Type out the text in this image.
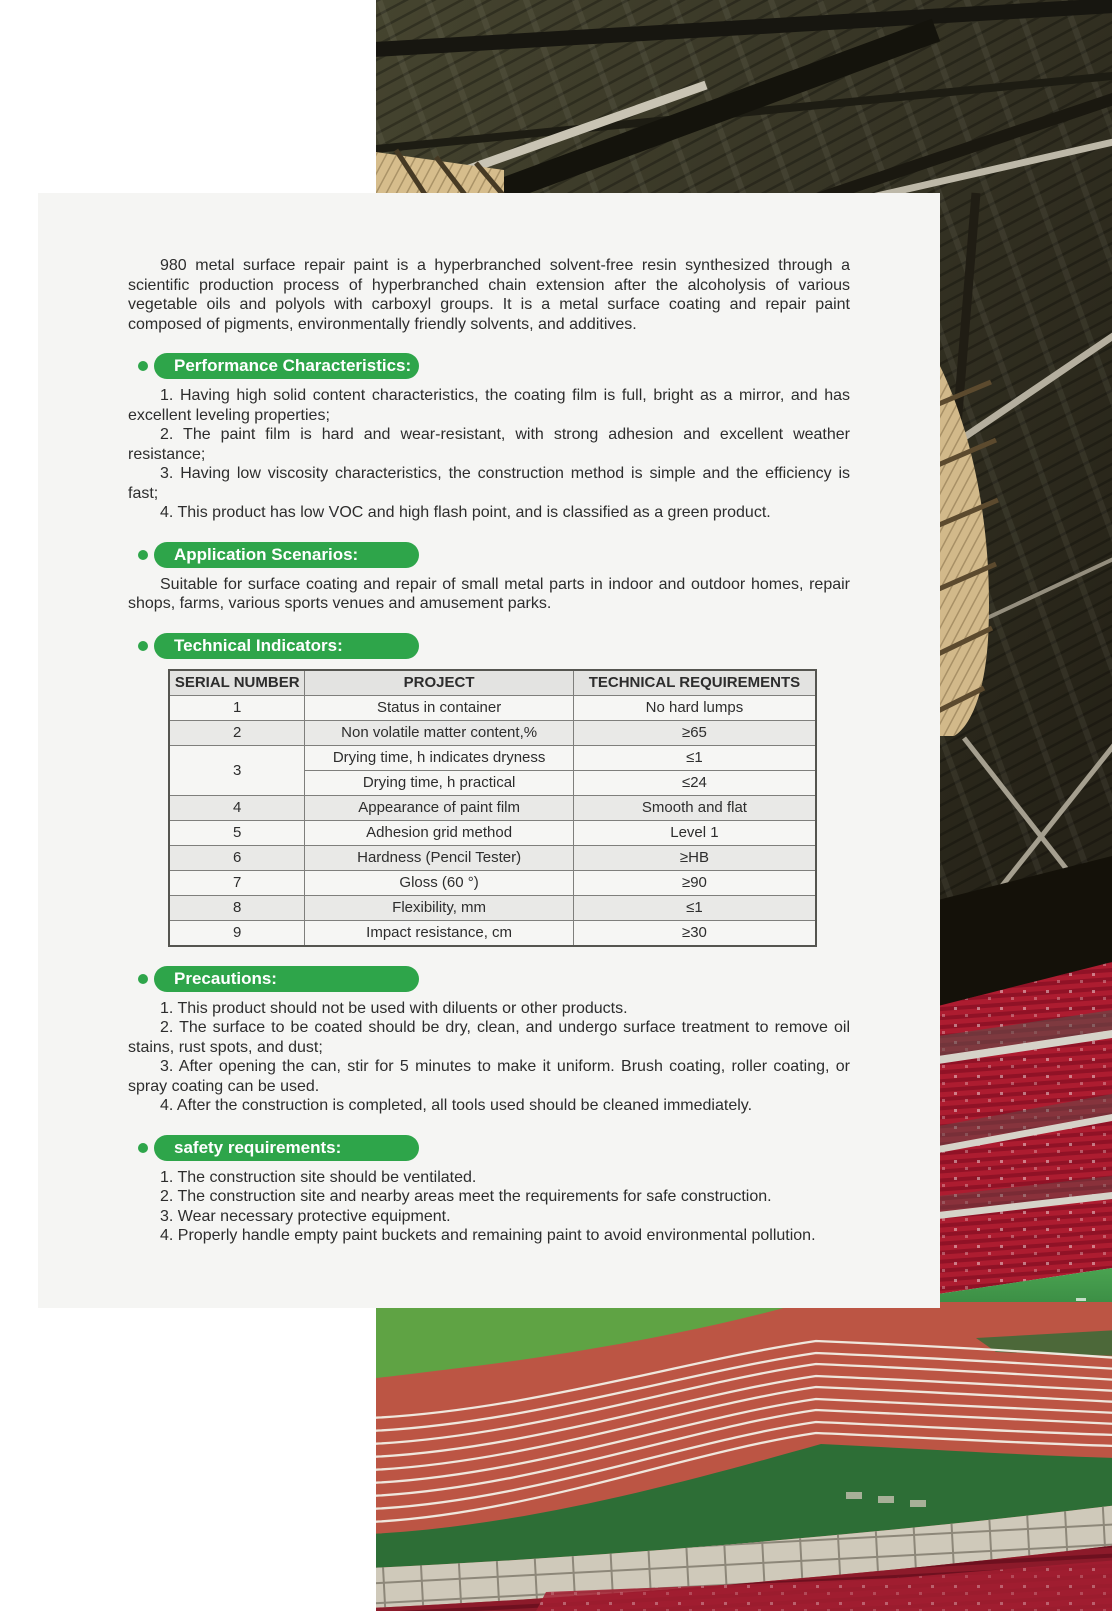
980 metal surface repair paint is a hyperbranched solvent-free resin synthesized through a scientific production process of hyperbranched chain extension after the alcoholysis of various vegetable oils and polyols with carboxyl groups. It is a metal surface coating and repair paint composed of pigments, environmentally friendly solvents, and additives.

Performance Characteristics:

1. Having high solid content characteristics, the coating film is full, bright as a mirror, and has excellent leveling properties;

2. The paint film is hard and wear-resistant, with strong adhesion and excellent weather resistance;

3. Having low viscosity characteristics, the construction method is simple and the efficiency is fast;

4. This product has low VOC and high flash point, and is classified as a green product.

Application Scenarios:

Suitable for surface coating and repair of small metal parts in indoor and outdoor homes, repair shops, farms, various sports venues and amusement parks.

Technical Indicators:
SERIAL NUMBER	PROJECT	TECHNICAL REQUIREMENTS
1	Status in container	No hard lumps
2	Non volatile matter content,%	≥65
3	Drying time, h indicates dryness	≤1
	Drying time, h practical	≤24
4	Appearance of paint film	Smooth and flat
5	Adhesion grid method	Level 1
6	Hardness (Pencil Tester)	≥HB
7	Gloss (60 °)	≥90
8	Flexibility, mm	≤1
9	Impact resistance, cm	≥30
Precautions:

1. This product should not be used with diluents or other products.

2. The surface to be coated should be dry, clean, and undergo surface treatment to remove oil stains, rust spots, and dust;

3. After opening the can, stir for 5 minutes to make it uniform. Brush coating, roller coating, or spray coating can be used.

4. After the construction is completed, all tools used should be cleaned immediately.

safety requirements:

1. The construction site should be ventilated.

2. The construction site and nearby areas meet the requirements for safe construction.

3. Wear necessary protective equipment.

4. Properly handle empty paint buckets and remaining paint to avoid environmental pollution.
